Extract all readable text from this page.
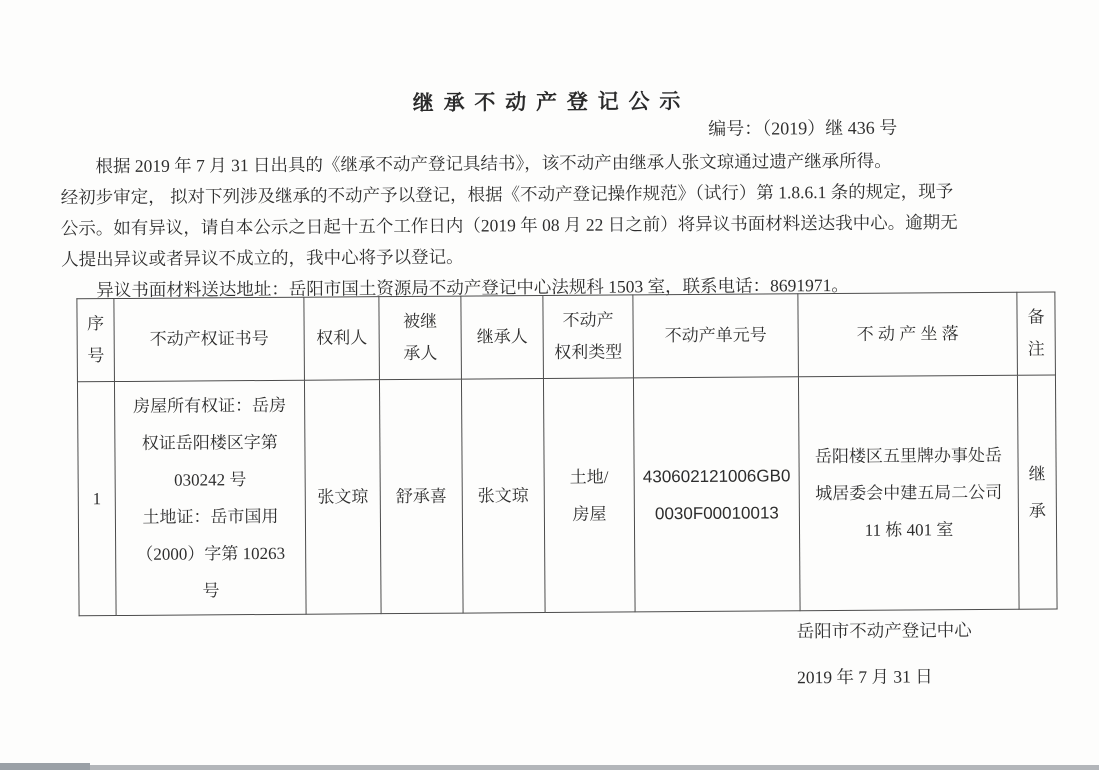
继 承 不 动 产 登 记 公 示
编号：（2019）继 436 号
根据 2019 年 7 月 31 日出具的《继承不动产登记具结书》，该不动产由继承人张文琼通过遗产继承所得。
经初步审定， 拟对下列涉及继承的不动产予以登记，根据《不动产登记操作规范》（试行）第 1.8.6.1 条的规定，现予
公示。如有异议，请自本公示之日起十五个工作日内（2019 年 08 月 22 日之前）将异议书面材料送达我中心。逾期无
人提出异议或者异议不成立的，我中心将予以登记。
异议书面材料送达地址：岳阳市国土资源局不动产登记中心法规科 1503 室，联系电话：8691971。
序
号	不动产权证书号	权利人	被继
承人	继承人	不动产
权利类型	不动产单元号	不 动 产 坐 落	备
注
1	房屋所有权证：岳房
权证岳阳楼区字第
030242 号
土地证：岳市国用
（2000）字第 10263
号	张文琼	舒承喜	张文琼	土地/
房屋	430602121006GB0
0030F00010013	岳阳楼区五里牌办事处岳
城居委会中建五局二公司
11 栋 401 室	继
承
岳阳市不动产登记中心
2019 年 7 月 31 日
